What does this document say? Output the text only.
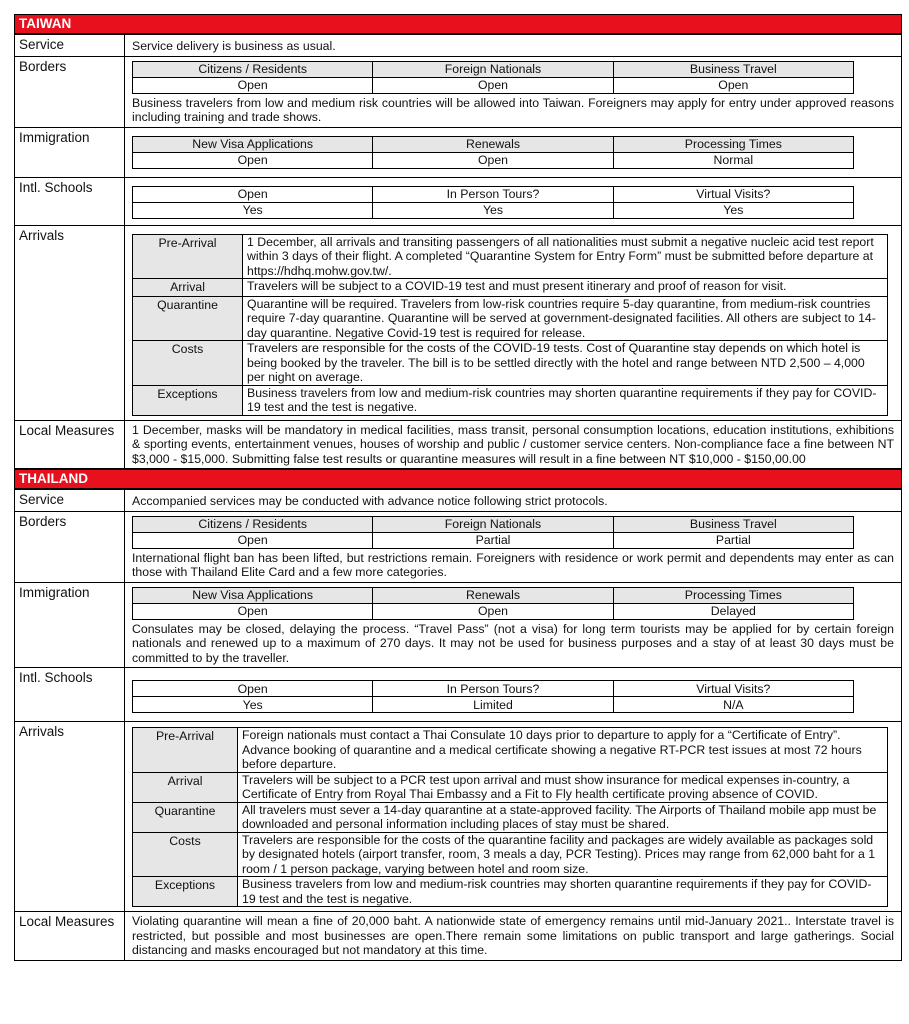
TAIWAN
Service	Service delivery is business as usual.
Borders		Citizens / Residents	Foreign Nationals	Business Travel
Open	Open	Open
Business travelers from low and medium risk countries will be allowed into Taiwan. Foreigners may apply for entry under approved reasons including training and trade shows.

Immigration		New Visa Applications	Renewals	Processing Times
Open	Open	Normal

Intl. Schools		Open	In Person Tours?	Virtual Visits?
Yes	Yes	Yes

Arrivals		Pre-Arrival	1 December, all arrivals and transiting passengers of all nationalities must submit a negative nucleic acid test report within 3 days of their flight. A completed “Quarantine System for Entry Form” must be submitted before departure at https://hdhq.mohw.gov.tw/.
Arrival	Travelers will be subject to a COVID-19 test and must present itinerary and proof of reason for visit.
Quarantine	Quarantine will be required. Travelers from low-risk countries require 5-day quarantine, from medium-risk countries require 7-day quarantine. Quarantine will be served at government-designated facilities. All others are subject to 14-day quarantine. Negative Covid-19 test is required for release.
Costs	Travelers are responsible for the costs of the COVID-19 tests. Cost of Quarantine stay depends on which hotel is being booked by the traveler. The bill is to be settled directly with the hotel and range between NTD 2,500 – 4,000 per night on average.
Exceptions	Business travelers from low and medium-risk countries may shorten quarantine requirements if they pay for COVID-19 test and the test is negative.

Local Measures	1 December, masks will be mandatory in medical facilities, mass transit, personal consumption locations, education institutions, exhibitions & sporting events, entertainment venues, houses of worship and public / customer service centers. Non-compliance face a fine between NT $3,000 - $15,000. Submitting false test results or quarantine measures will result in a fine between NT $10,000 - $150,00.00
THAILAND
Service	Accompanied services may be conducted with advance notice following strict protocols.
Borders		Citizens / Residents	Foreign Nationals	Business Travel
Open	Partial	Partial
International flight ban has been lifted, but restrictions remain. Foreigners with residence or work permit and dependents may enter as can those with Thailand Elite Card and a few more categories.

Immigration		New Visa Applications	Renewals	Processing Times
Open	Open	Delayed
Consulates may be closed, delaying the process. “Travel Pass” (not a visa) for long term tourists may be applied for by certain foreign nationals and renewed up to a maximum of 270 days. It may not be used for business purposes and a stay of at least 30 days must be committed to by the traveller.

Intl. Schools	
Open	In Person Tours?	Virtual Visits?
Yes	Limited	N/A

Arrivals		Pre-Arrival	Foreign nationals must contact a Thai Consulate 10 days prior to departure to apply for a “Certificate of Entry”. Advance booking of quarantine and a medical certificate showing a negative RT-PCR test issues at most 72 hours before departure.
Arrival	Travelers will be subject to a PCR test upon arrival and must show insurance for medical expenses in-country, a Certificate of Entry from Royal Thai Embassy and a Fit to Fly health certificate proving absence of COVID.
Quarantine	All travelers must sever a 14-day quarantine at a state-approved facility. The Airports of Thailand mobile app must be downloaded and personal information including places of stay must be shared.
Costs	Travelers are responsible for the costs of the quarantine facility and packages are widely available as packages sold by designated hotels (airport transfer, room, 3 meals a day, PCR Testing). Prices may range from 62,000 baht for a 1 room / 1 person package, varying between hotel and room size.
Exceptions	Business travelers from low and medium-risk countries may shorten quarantine requirements if they pay for COVID-19 test and the test is negative.

Local Measures	Violating quarantine will mean a fine of 20,000 baht. A nationwide state of emergency remains until mid-January 2021.. Interstate travel is restricted, but possible and most businesses are open.There remain some limitations on public transport and large gatherings. Social distancing and masks encouraged but not mandatory at this time.
